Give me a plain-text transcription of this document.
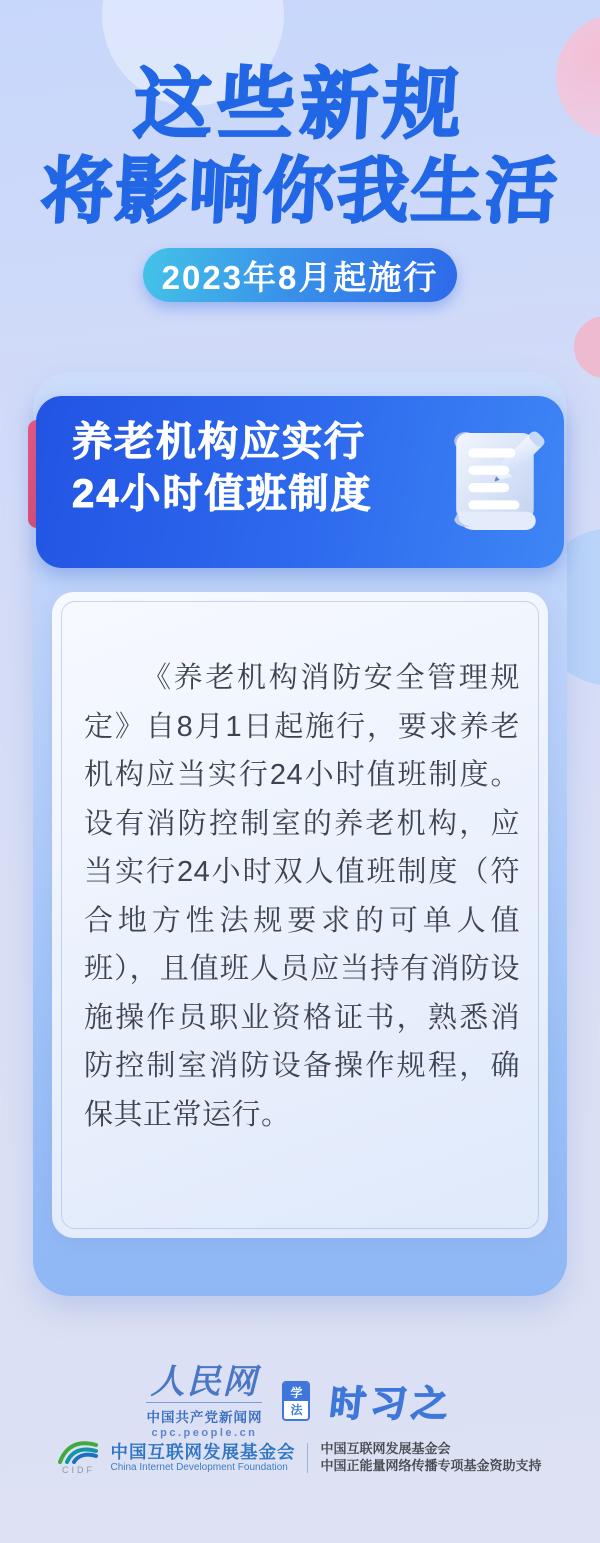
这些新规
将影响你我生活
2023年8月起施行
养老机构应实行
24小时值班制度

《养老机构消防安全管理规定》自8月1日起施行，要求养老机构应当实行24小时值班制度。设有消防控制室的养老机构，应当实行24小时双人值班制度（符合地方性法规要求的可单人值班），且值班人员应当持有消防设施操作员职业资格证书，熟悉消防控制室消防设备操作规程，确保其正常运行。

人民网
中国共产党新闻网
cpc.people.cn
学
法 时习之
CIDF
中国互联网发展基金会
China Internet Development Foundation
中国互联网发展基金会
中国正能量网络传播专项基金资助支持
